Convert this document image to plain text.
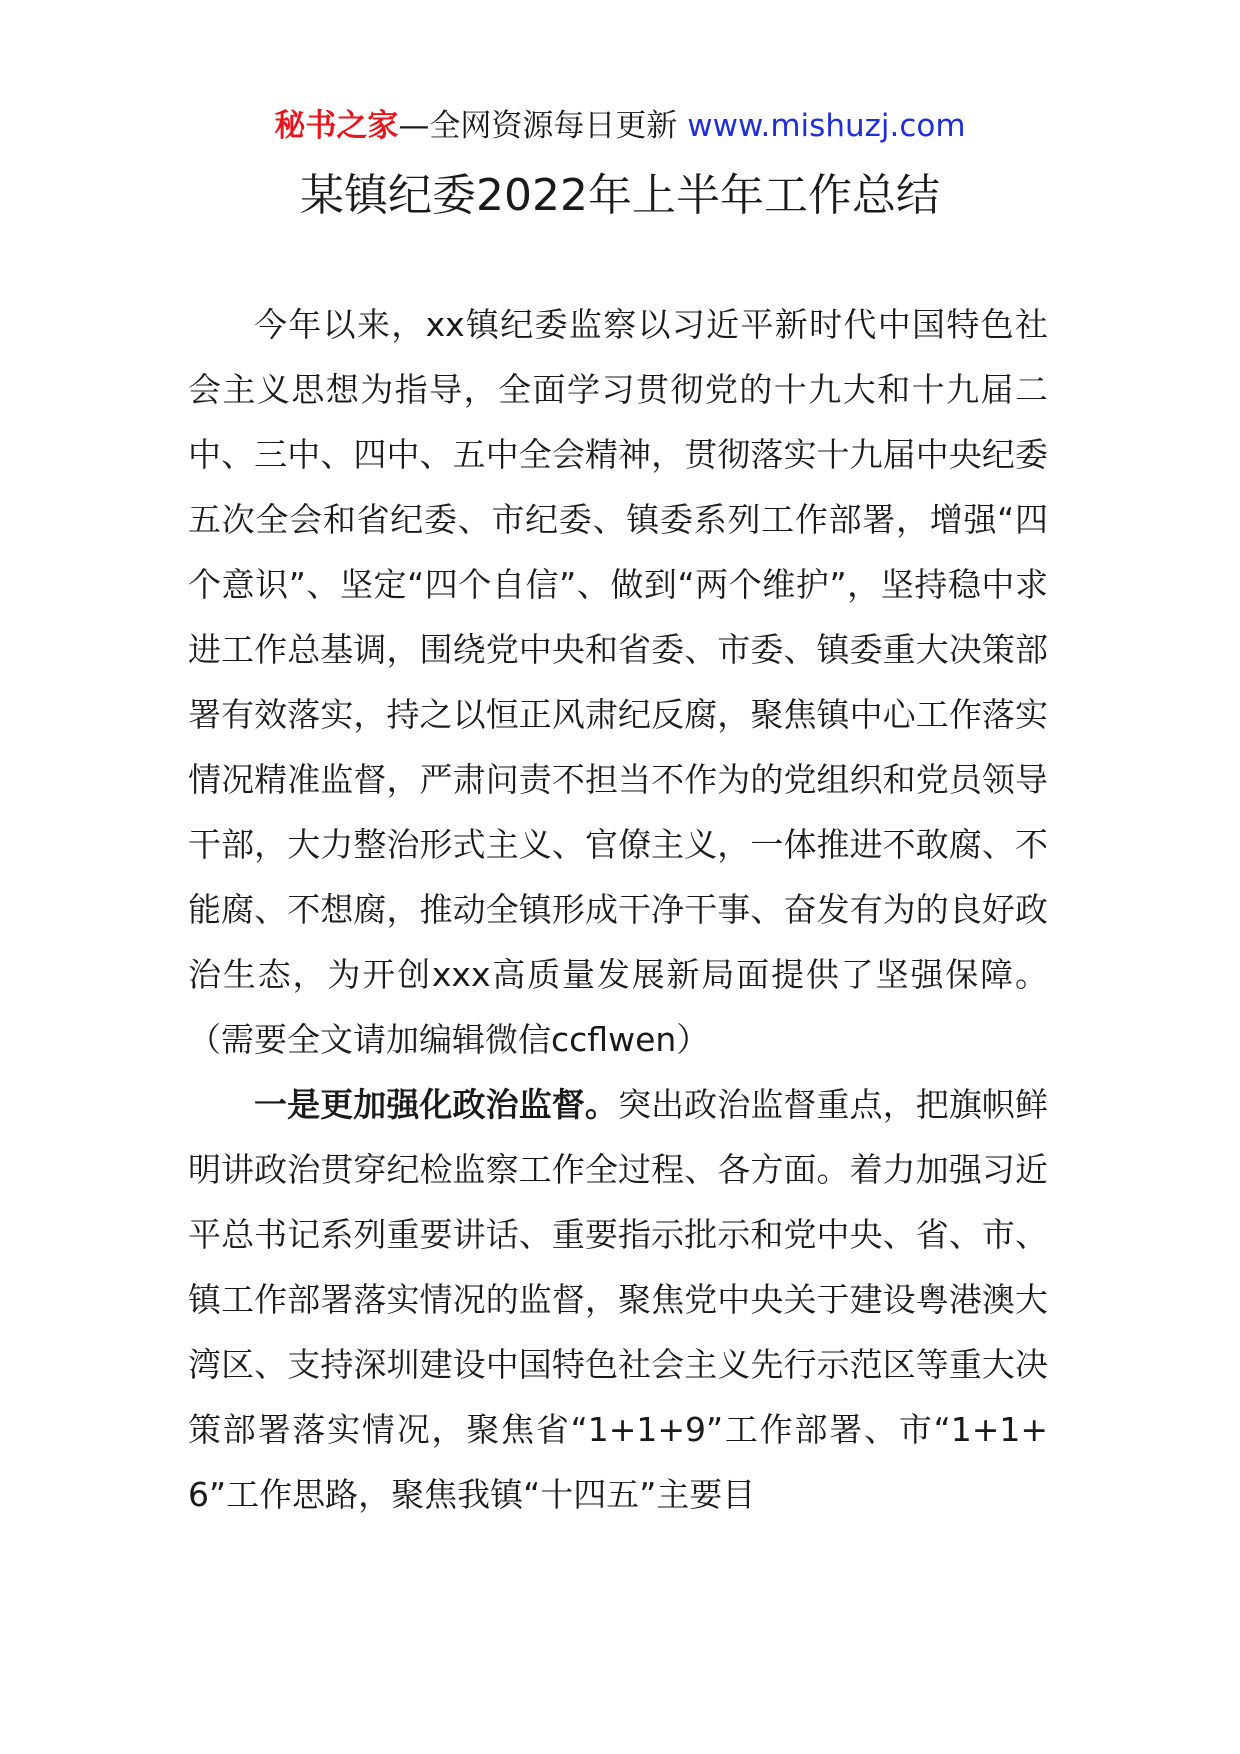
秘书之家—全网资源每日更新 www.mishuzj.com
某镇纪委2022年上半年工作总结

今年以来，xx镇纪委监察以习近平新时代中国特色社会主义思想为指导，全面学习贯彻党的十九大和十九届二中、三中、四中、五中全会精神，贯彻落实十九届中央纪委五次全会和省纪委、市纪委、镇委系列工作部署，增强“四个意识”、坚定“四个自信”、做到“两个维护”，坚持稳中求进工作总基调，围绕党中央和省委、市委、镇委重大决策部署有效落实，持之以恒正风肃纪反腐，聚焦镇中心工作落实情况精准监督，严肃问责不担当不作为的党组织和党员领导干部，大力整治形式主义、官僚主义，一体推进不敢腐、不能腐、不想腐，推动全镇形成干净干事、奋发有为的良好政治生态，为开创xxx高质量发展新局面提供了坚强保障。（需要全文请加编辑微信ccflwen）

一是更加强化政治监督。突出政治监督重点，把旗帜鲜明讲政治贯穿纪检监察工作全过程、各方面。着力加强习近平总书记系列重要讲话、重要指示批示和党中央、省、市、镇工作部署落实情况的监督，聚焦党中央关于建设粤港澳大湾区、支持深圳建设中国特色社会主义先行示范区等重大决策部署落实情况，聚焦省“1+1+9”工作部署、市“1+1+6”工作思路，聚焦我镇“十四五”主要目
